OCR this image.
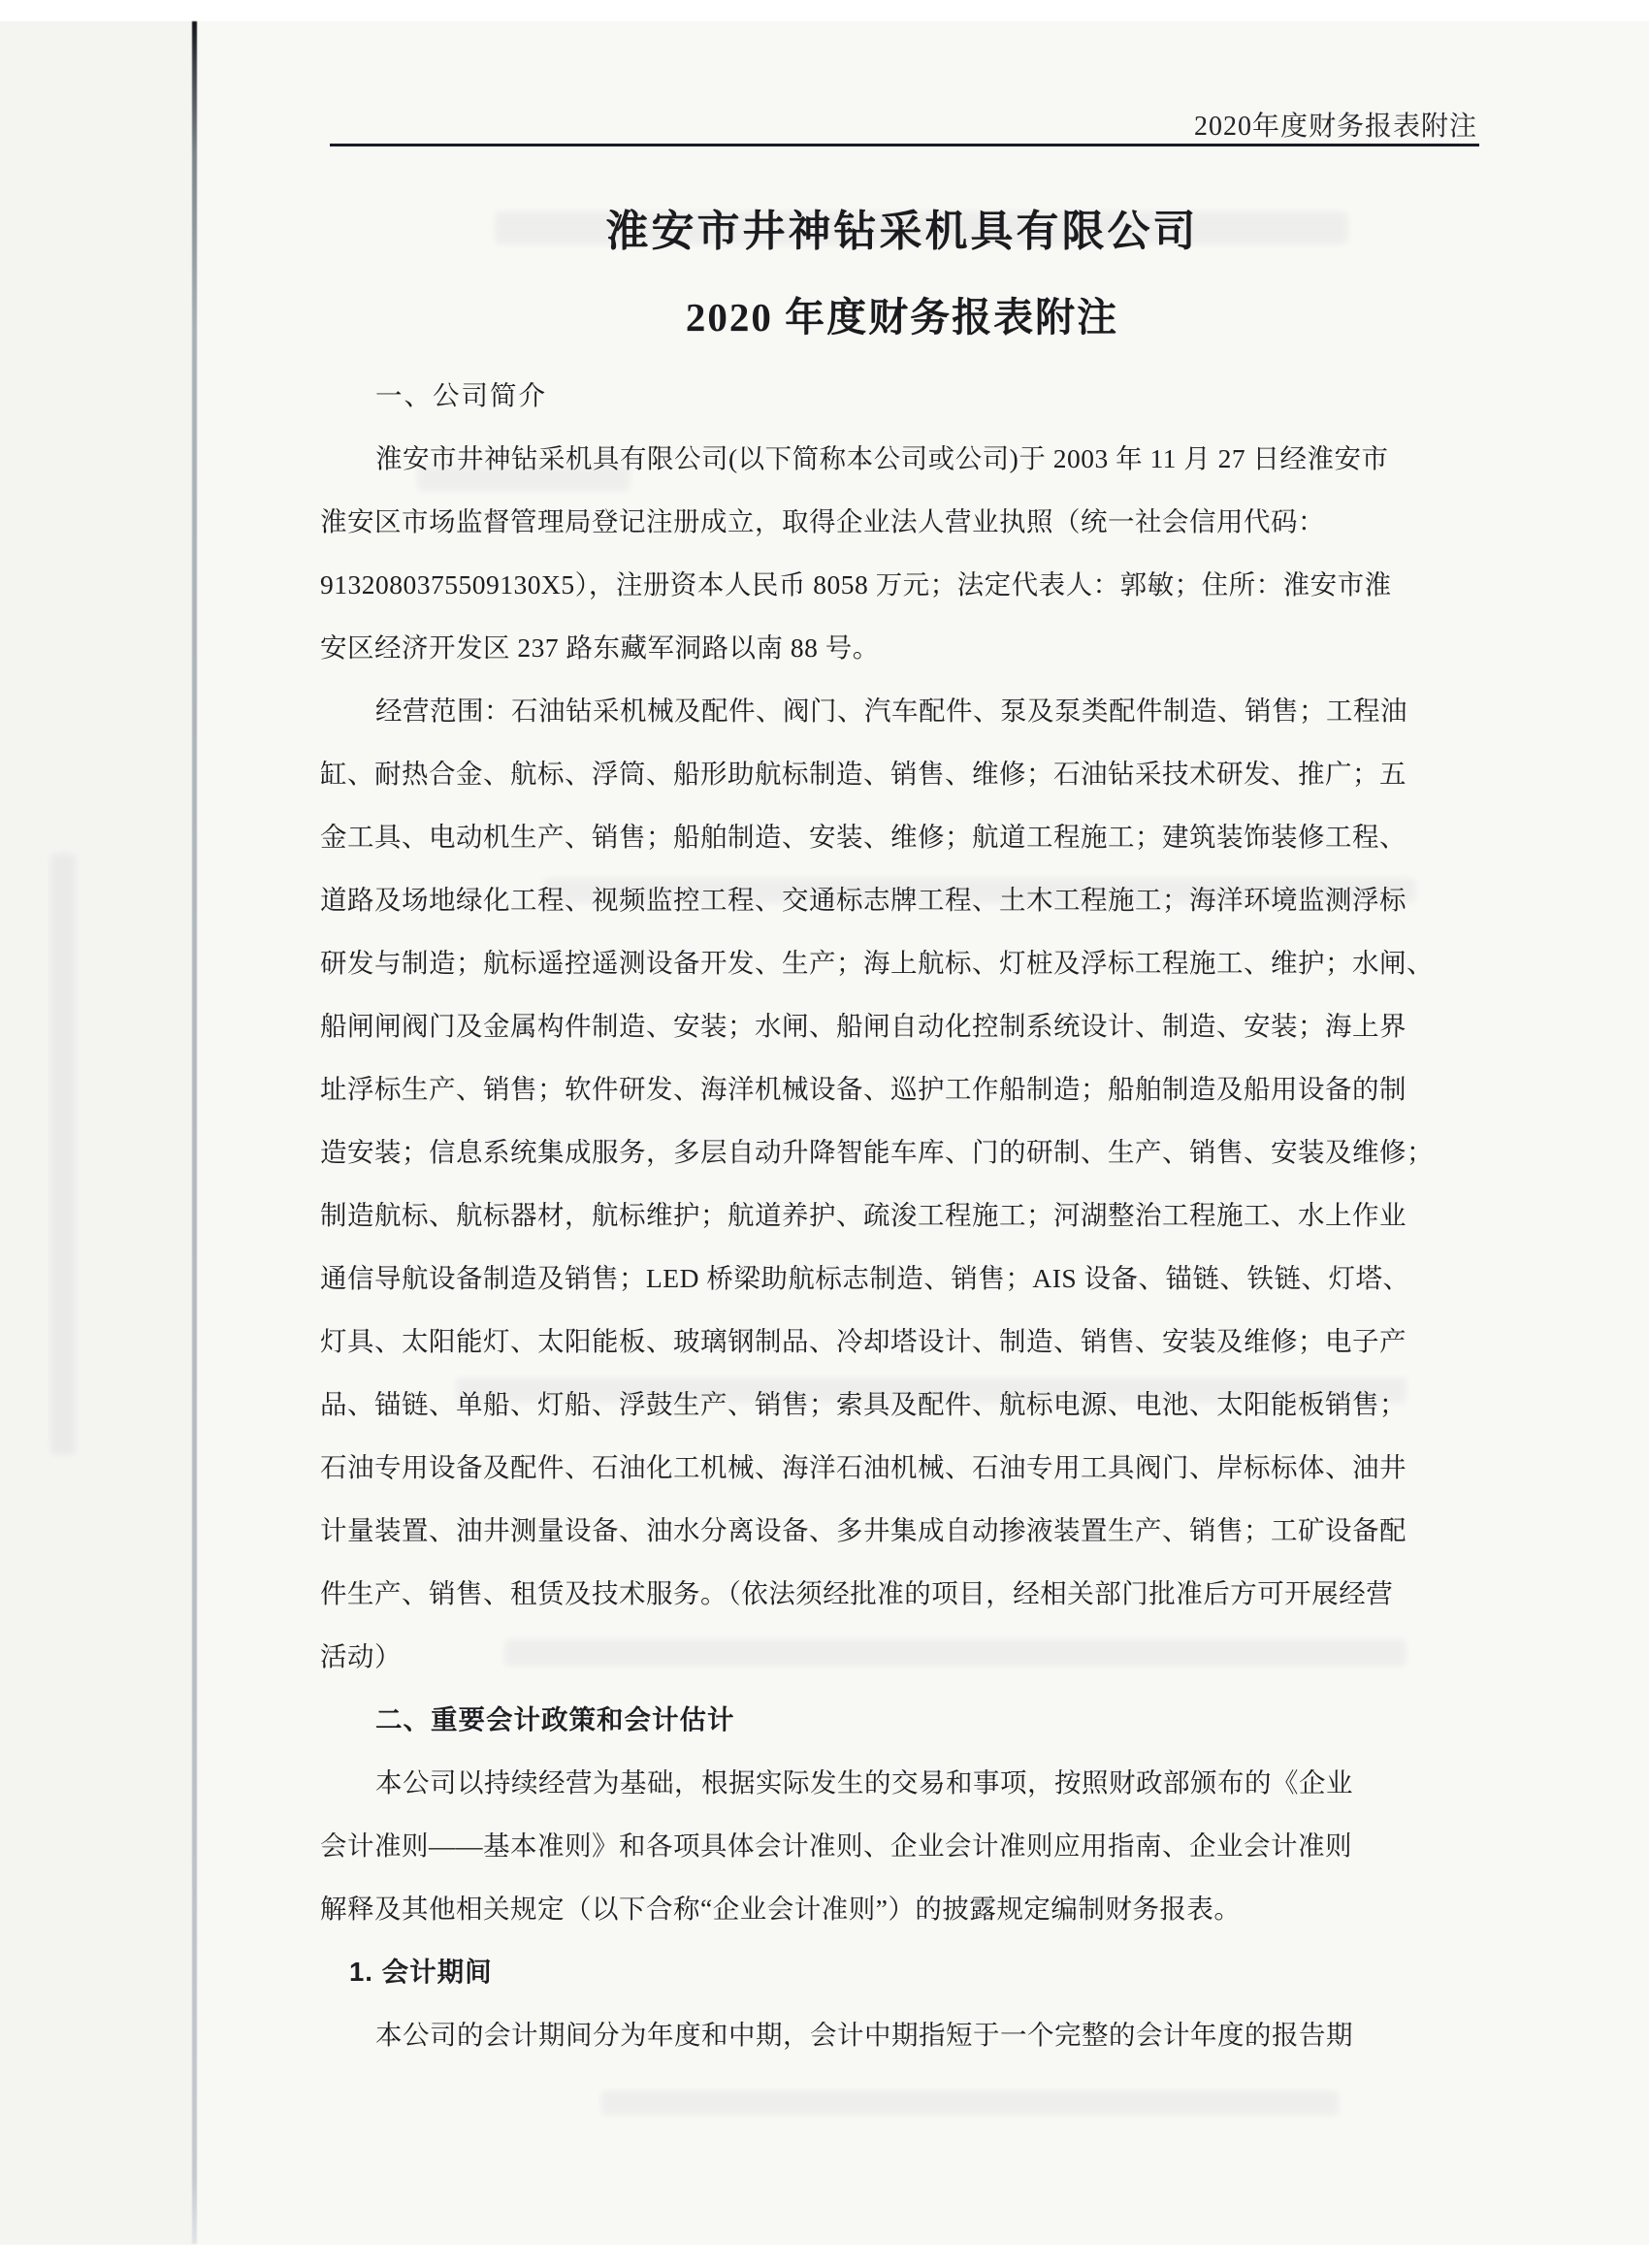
2020年度财务报表附注
淮安市井神钻采机具有限公司
2020 年度财务报表附注
一、公司简介
淮安市井神钻采机具有限公司(以下简称本公司或公司)于 2003 年 11 月 27 日经淮安市
淮安区市场监督管理局登记注册成立，取得企业法人营业执照（统一社会信用代码：
9132080375509130X5），注册资本人民币 8058 万元；法定代表人：郭敏；住所：淮安市淮
安区经济开发区 237 路东藏军洞路以南 88 号。
经营范围：石油钻采机械及配件、阀门、汽车配件、泵及泵类配件制造、销售；工程油
缸、耐热合金、航标、浮筒、船形助航标制造、销售、维修；石油钻采技术研发、推广；五
金工具、电动机生产、销售；船舶制造、安装、维修；航道工程施工；建筑装饰装修工程、
道路及场地绿化工程、视频监控工程、交通标志牌工程、土木工程施工；海洋环境监测浮标
研发与制造；航标遥控遥测设备开发、生产；海上航标、灯桩及浮标工程施工、维护；水闸、
船闸闸阀门及金属构件制造、安装；水闸、船闸自动化控制系统设计、制造、安装；海上界
址浮标生产、销售；软件研发、海洋机械设备、巡护工作船制造；船舶制造及船用设备的制
造安装；信息系统集成服务，多层自动升降智能车库、门的研制、生产、销售、安装及维修；
制造航标、航标器材，航标维护；航道养护、疏浚工程施工；河湖整治工程施工、水上作业
通信导航设备制造及销售；LED 桥梁助航标志制造、销售；AIS 设备、锚链、铁链、灯塔、
灯具、太阳能灯、太阳能板、玻璃钢制品、冷却塔设计、制造、销售、安装及维修；电子产
品、锚链、单船、灯船、浮鼓生产、销售；索具及配件、航标电源、电池、太阳能板销售；
石油专用设备及配件、石油化工机械、海洋石油机械、石油专用工具阀门、岸标标体、油井
计量装置、油井测量设备、油水分离设备、多井集成自动掺液装置生产、销售；工矿设备配
件生产、销售、租赁及技术服务。（依法须经批准的项目，经相关部门批准后方可开展经营
活动）
二、重要会计政策和会计估计
本公司以持续经营为基础，根据实际发生的交易和事项，按照财政部颁布的《企业
会计准则——基本准则》和各项具体会计准则、企业会计准则应用指南、企业会计准则
解释及其他相关规定（以下合称“企业会计准则”）的披露规定编制财务报表。
1. 会计期间
本公司的会计期间分为年度和中期，会计中期指短于一个完整的会计年度的报告期
